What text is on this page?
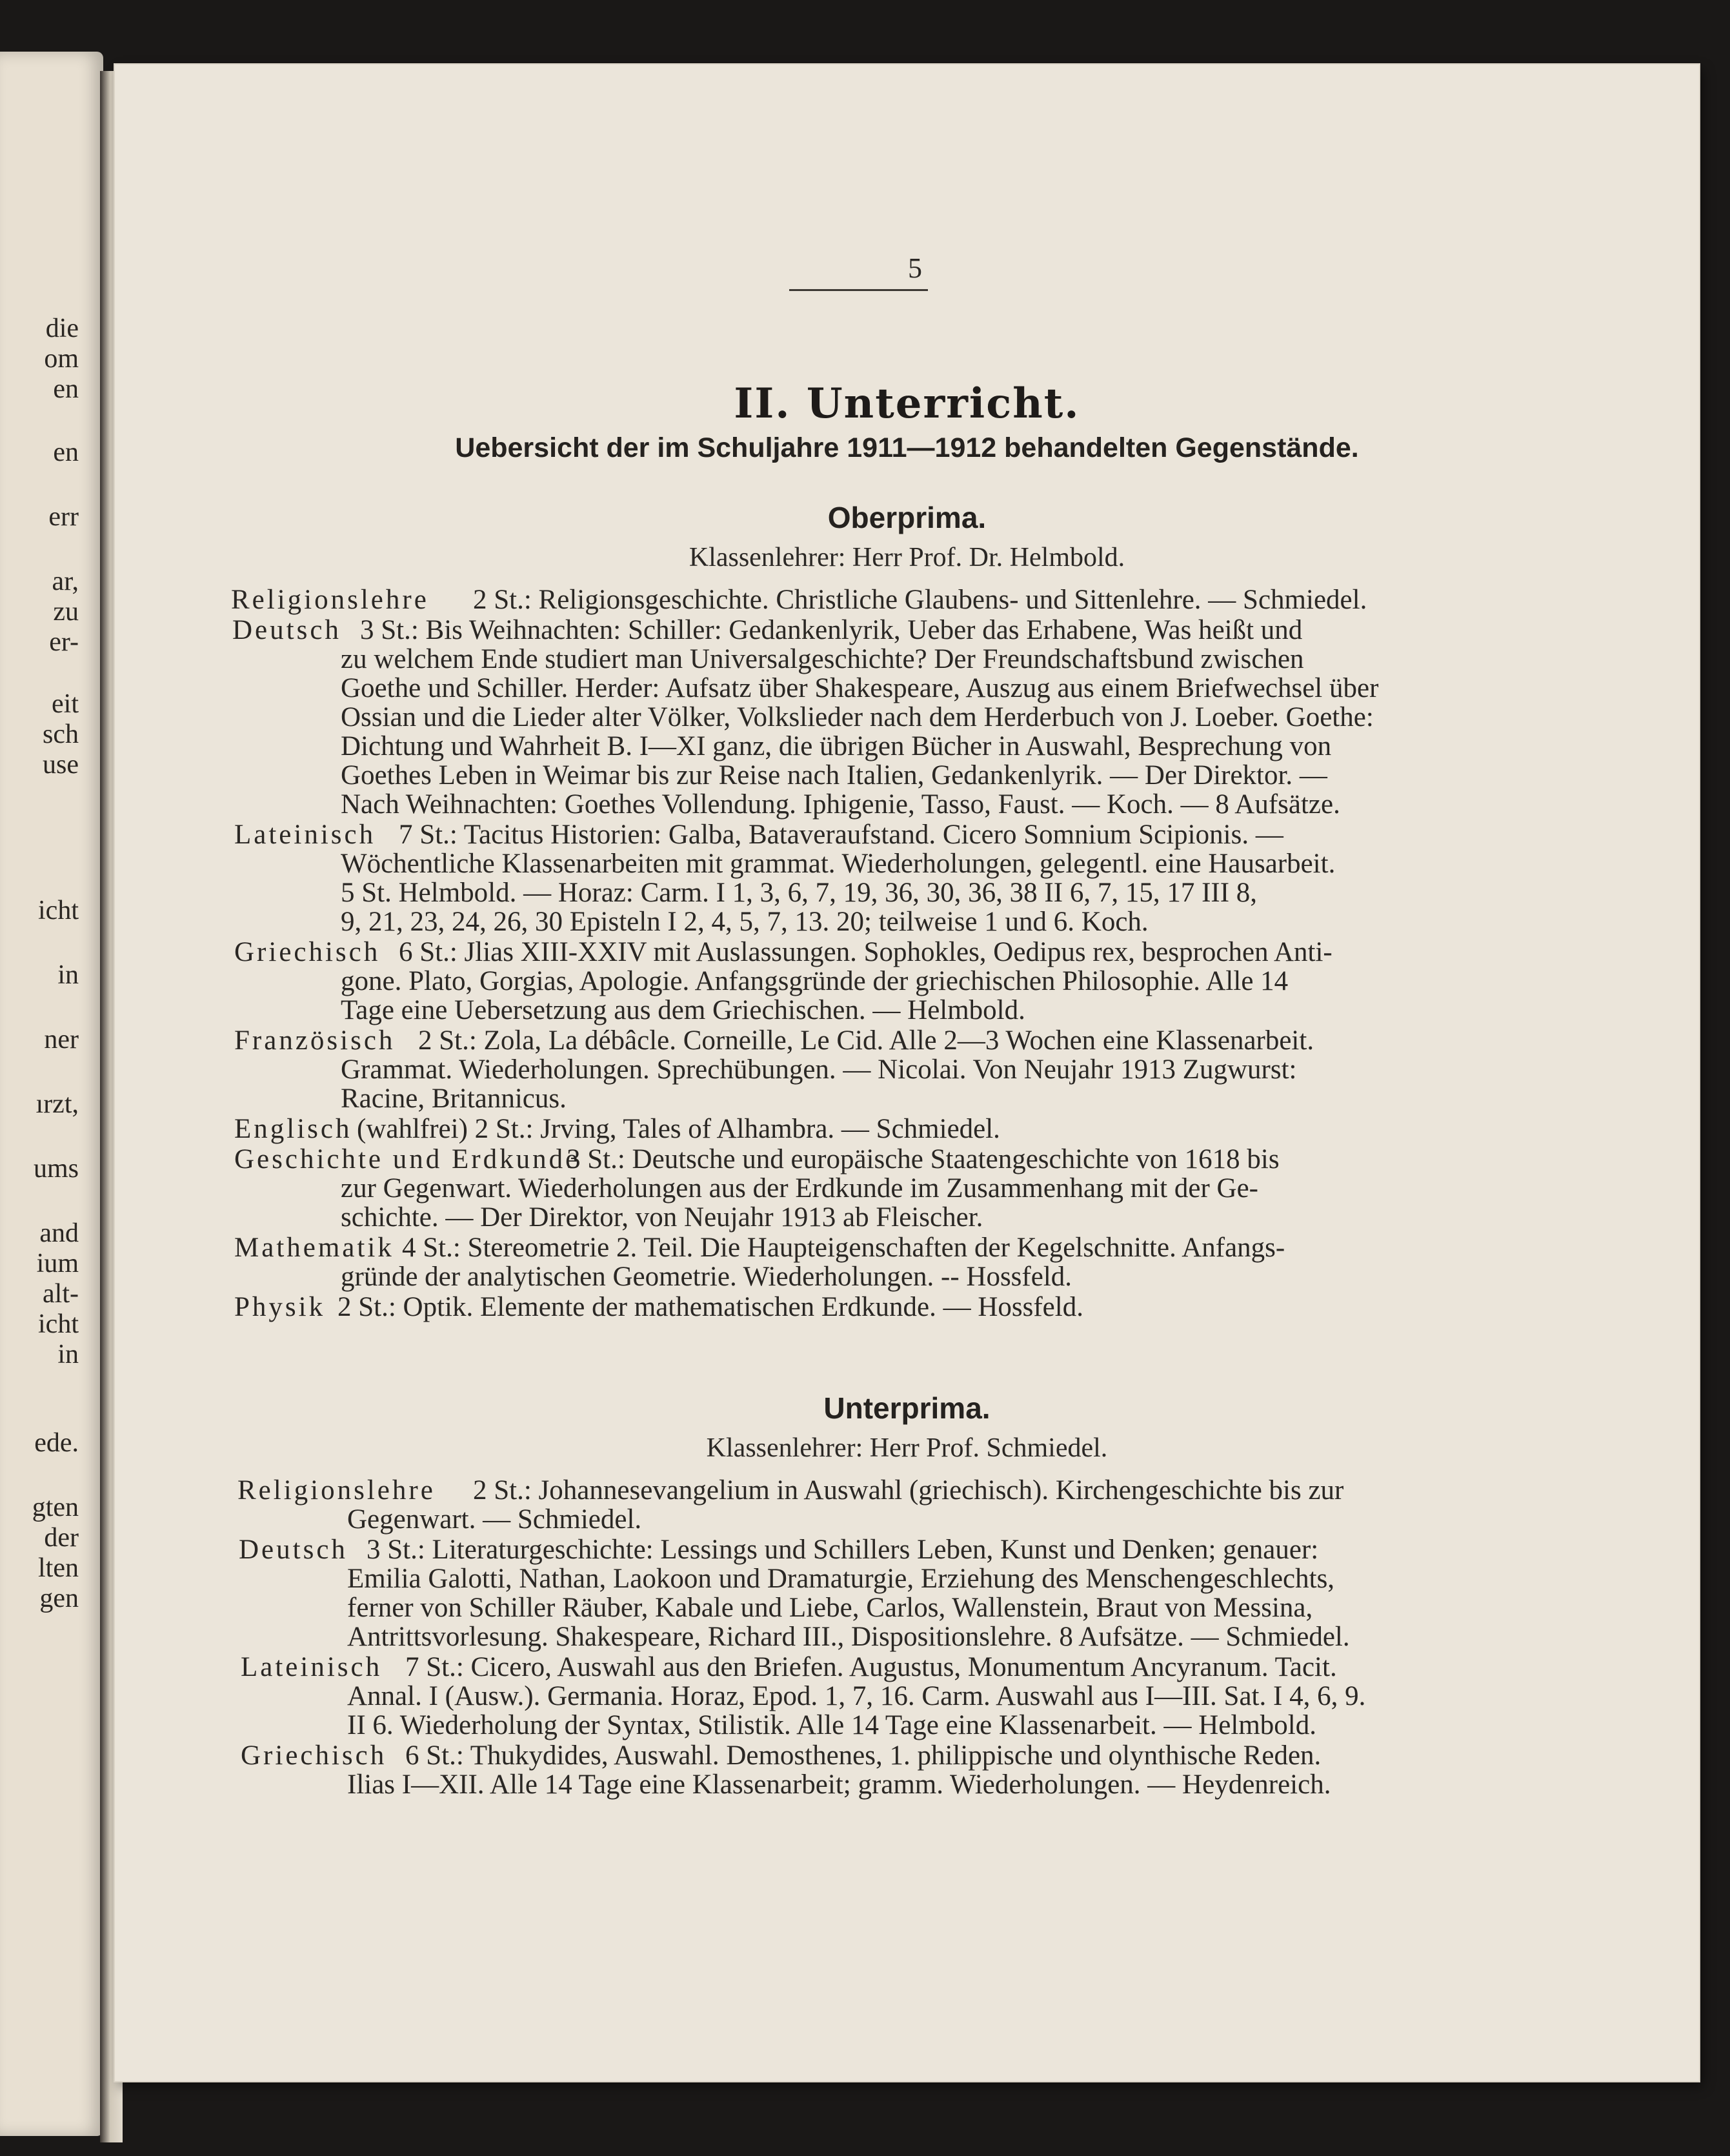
die
om
en
en
err
ar,
zu
er-
eit
sch
use
icht
in
ner
ırzt,
ums
and
ium
alt-
icht
in
ede.
gten
der
lten
gen
5
II. Unterricht.
Uebersicht der im Schuljahre 1911—1912 behandelten Gegenstände.
Oberprima.
Klassenlehrer: Herr Prof. Dr. Helmbold.
Religionslehre 2 St.: Religionsgeschichte. Christliche Glaubens- und Sittenlehre. — Schmiedel.
Deutsch 3 St.: Bis Weihnachten: Schiller: Gedankenlyrik, Ueber das Erhabene, Was heißt und
zu welchem Ende studiert man Universalgeschichte? Der Freundschaftsbund zwischen
Goethe und Schiller. Herder: Aufsatz über Shakespeare, Auszug aus einem Briefwechsel über
Ossian und die Lieder alter Völker, Volkslieder nach dem Herderbuch von J. Loeber. Goethe:
Dichtung und Wahrheit B. I—XI ganz, die übrigen Bücher in Auswahl, Besprechung von
Goethes Leben in Weimar bis zur Reise nach Italien, Gedankenlyrik. — Der Direktor. —
Nach Weihnachten: Goethes Vollendung. Iphigenie, Tasso, Faust. — Koch. — 8 Aufsätze.
Lateinisch 7 St.: Tacitus Historien: Galba, Bataveraufstand. Cicero Somnium Scipionis. —
Wöchentliche Klassenarbeiten mit grammat. Wiederholungen, gelegentl. eine Hausarbeit.
5 St. Helmbold. — Horaz: Carm. I 1, 3, 6, 7, 19, 36, 30, 36, 38 II 6, 7, 15, 17 III 8,
9, 21, 23, 24, 26, 30 Episteln I 2, 4, 5, 7, 13. 20; teilweise 1 und 6. Koch.
Griechisch 6 St.: Jlias XIII-XXIV mit Auslassungen. Sophokles, Oedipus rex, besprochen Anti-
gone. Plato, Gorgias, Apologie. Anfangsgründe der griechischen Philosophie. Alle 14
Tage eine Uebersetzung aus dem Griechischen. — Helmbold.
Französisch 2 St.: Zola, La débâcle. Corneille, Le Cid. Alle 2—3 Wochen eine Klassenarbeit.
Grammat. Wiederholungen. Sprechübungen. — Nicolai. Von Neujahr 1913 Zugwurst:
Racine, Britannicus.
Englisch (wahlfrei) 2 St.: Jrving, Tales of Alhambra. — Schmiedel.
Geschichte und Erdkunde
3 St.: Deutsche und europäische Staatengeschichte von 1618 bis
zur Gegenwart. Wiederholungen aus der Erdkunde im Zusammenhang mit der Ge-
schichte. — Der Direktor, von Neujahr 1913 ab Fleischer.
Mathematik 4 St.: Stereometrie 2. Teil. Die Haupteigenschaften der Kegelschnitte. Anfangs-
gründe der analytischen Geometrie. Wiederholungen. -- Hossfeld.
Physik 2 St.: Optik. Elemente der mathematischen Erdkunde. — Hossfeld.
Unterprima.
Klassenlehrer: Herr Prof. Schmiedel.
Religionslehre 2 St.: Johannesevangelium in Auswahl (griechisch). Kirchengeschichte bis zur
Gegenwart. — Schmiedel.
Deutsch 3 St.: Literaturgeschichte: Lessings und Schillers Leben, Kunst und Denken; genauer:
Emilia Galotti, Nathan, Laokoon und Dramaturgie, Erziehung des Menschengeschlechts,
ferner von Schiller Räuber, Kabale und Liebe, Carlos, Wallenstein, Braut von Messina,
Antrittsvorlesung. Shakespeare, Richard III., Dispositionslehre. 8 Aufsätze. — Schmiedel.
Lateinisch 7 St.: Cicero, Auswahl aus den Briefen. Augustus, Monumentum Ancyranum. Tacit.
Annal. I (Ausw.). Germania. Horaz, Epod. 1, 7, 16. Carm. Auswahl aus I—III. Sat. I 4, 6, 9.
II 6. Wiederholung der Syntax, Stilistik. Alle 14 Tage eine Klassenarbeit. — Helmbold.
Griechisch 6 St.: Thukydides, Auswahl. Demosthenes, 1. philippische und olynthische Reden.
Ilias I—XII. Alle 14 Tage eine Klassenarbeit; gramm. Wiederholungen. — Heydenreich.
